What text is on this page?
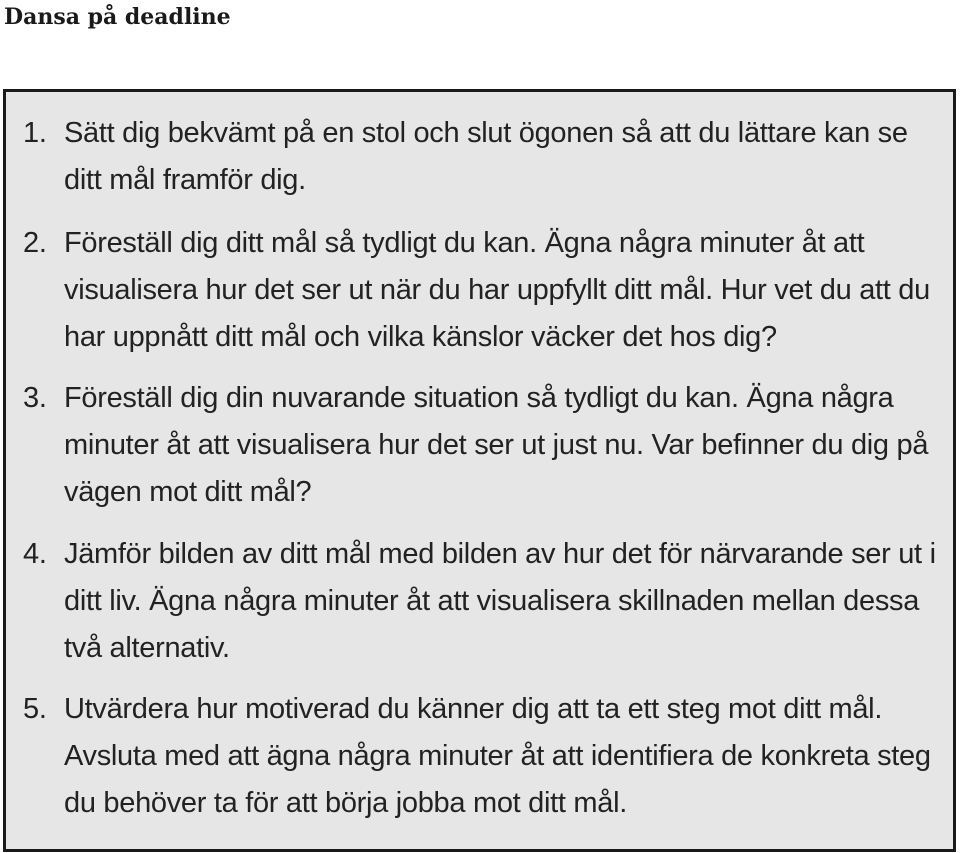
Dansa på deadline
1. Sätt dig bekvämt på en stol och slut ögonen så att du lättare kan se ditt mål framför dig.
2. Föreställ dig ditt mål så tydligt du kan. Ägna några minuter åt att visualisera hur det ser ut när du har uppfyllt ditt mål. Hur vet du att du har uppnått ditt mål och vilka känslor väcker det hos dig?
3. Föreställ dig din nuvarande situation så tydligt du kan. Ägna några minuter åt att visualisera hur det ser ut just nu. Var befinner du dig på vägen mot ditt mål?
4. Jämför bilden av ditt mål med bilden av hur det för närvarande ser ut i ditt liv. Ägna några minuter åt att visualisera skillnaden mellan dessa två alternativ.
5. Utvärdera hur motiverad du känner dig att ta ett steg mot ditt mål. Avsluta med att ägna några minuter åt att identifiera de konkreta steg du behöver ta för att börja jobba mot ditt mål.
